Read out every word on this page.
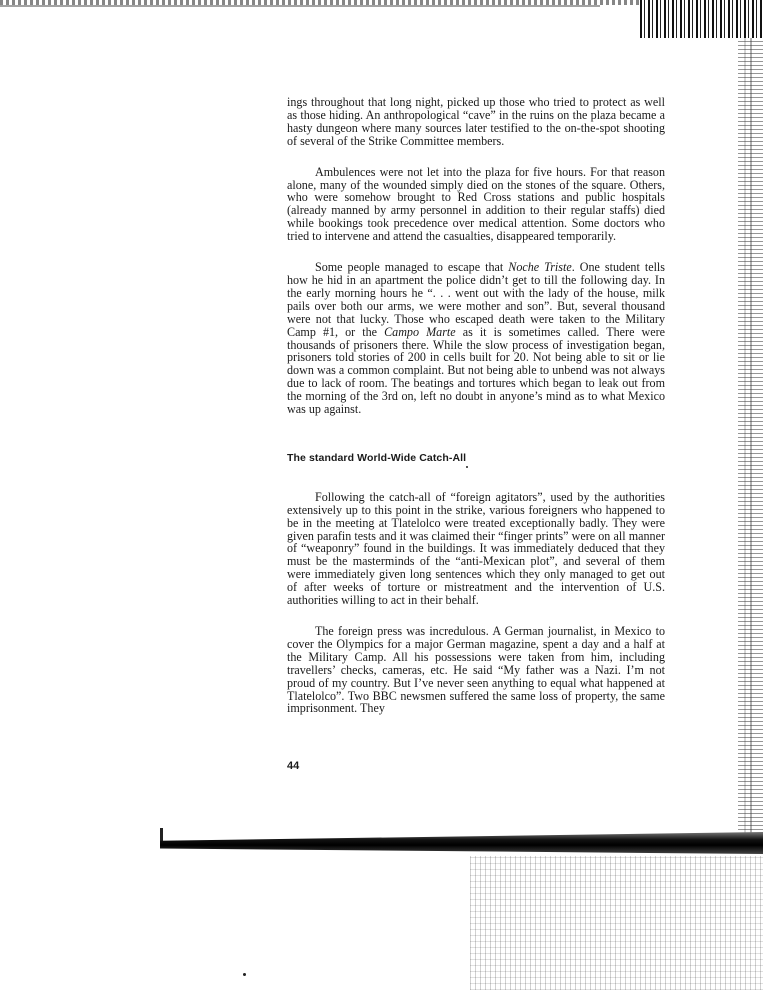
ings throughout that long night, picked up those who tried to protect as well as those hiding. An anthropological “cave” in the ruins on the plaza became a hasty dungeon where many sources later testified to the on-the-spot shooting of several of the Strike Committee members.

Ambulences were not let into the plaza for five hours. For that reason alone, many of the wounded simply died on the stones of the square. Others, who were somehow brought to Red Cross stations and public hospitals (already manned by army personnel in addition to their regular staffs) died while bookings took precedence over medical attention. Some doctors who tried to intervene and attend the casualties, disappeared temporarily.

Some people managed to escape that Noche Triste. One student tells how he hid in an apartment the police didn’t get to till the following day. In the early morning hours he “. . . went out with the lady of the house, milk pails over both our arms, we were mother and son”. But, several thousand were not that lucky. Those who escaped death were taken to the Military Camp #1, or the Campo Marte as it is sometimes called. There were thousands of prisoners there. While the slow process of investigation began, prisoners told stories of 200 in cells built for 20. Not being able to sit or lie down was a common complaint. But not being able to unbend was not always due to lack of room. The beatings and tortures which began to leak out from the morning of the 3rd on, left no doubt in anyone’s mind as to what Mexico was up against.

The standard World-Wide Catch-All

Following the catch-all of “foreign agitators”, used by the authorities extensively up to this point in the strike, various foreigners who happened to be in the meeting at Tlatelolco were treated exceptionally badly. They were given parafin tests and it was claimed their “finger prints” were on all manner of “weaponry” found in the buildings. It was immediately deduced that they must be the masterminds of the “anti-Mexican plot”, and several of them were immediately given long sentences which they only managed to get out of after weeks of torture or mistreatment and the intervention of U.S. authorities willing to act in their behalf.

The foreign press was incredulous. A German journalist, in Mexico to cover the Olympics for a major German magazine, spent a day and a half at the Military Camp. All his possessions were taken from him, including travellers’ checks, cameras, etc. He said “My father was a Nazi. I’m not proud of my country. But I’ve never seen anything to equal what happened at Tlatelolco”. Two BBC newsmen suffered the same loss of property, the same imprisonment. They

44
